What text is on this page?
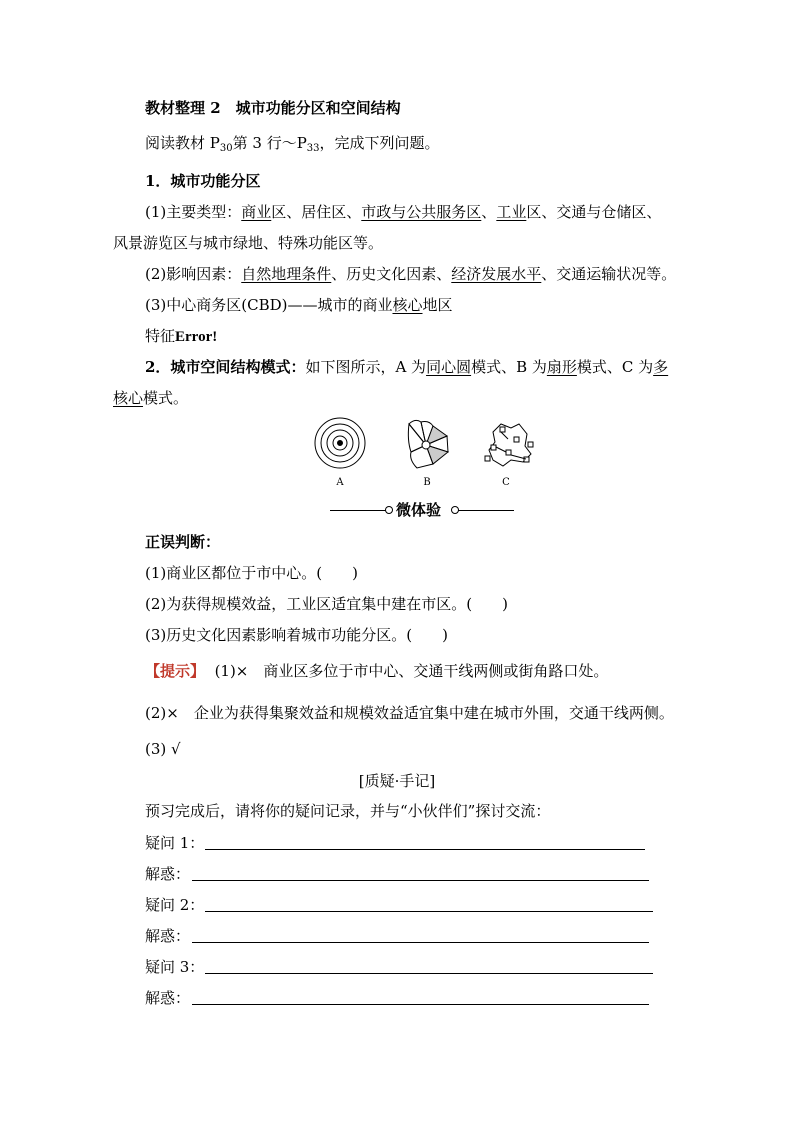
教材整理 2　城市功能分区和空间结构
阅读教材 $P_{30}$第 3 行$\sim P_{33}$，完成下列问题。
1．城市功能分区
(1)主要类型：商业区、居住区、市政与公共服务区、工业区、交通与仓储区、
风景游览区与城市绿地、特殊功能区等。
(2)影响因素：自然地理条件、历史文化因素、经济发展水平、交通运输状况等。
(3)中心商务区(CBD)——城市的商业核心地区
特征Error!
2．城市空间结构模式：如下图所示，A 为同心圆模式、B 为扇形模式、C 为多
核心模式。
A	B	C
微体验
正误判断：
(1)商业区都位于市中心。(　　)
(2)为获得规模效益，工业区适宜集中建在市区。(　　)
(3)历史文化因素影响着城市功能分区。(　　)
【提示】 (1)×　商业区多位于市中心、交通干线两侧或街角路口处。
(2)×　企业为获得集聚效益和规模效益适宜集中建在城市外围，交通干线两侧。
(3) √
[质疑·手记]
预习完成后，请将你的疑问记录，并与“小伙伴们”探讨交流：
疑问 1：
解惑：
疑问 2：
解惑：
疑问 3：
解惑：
